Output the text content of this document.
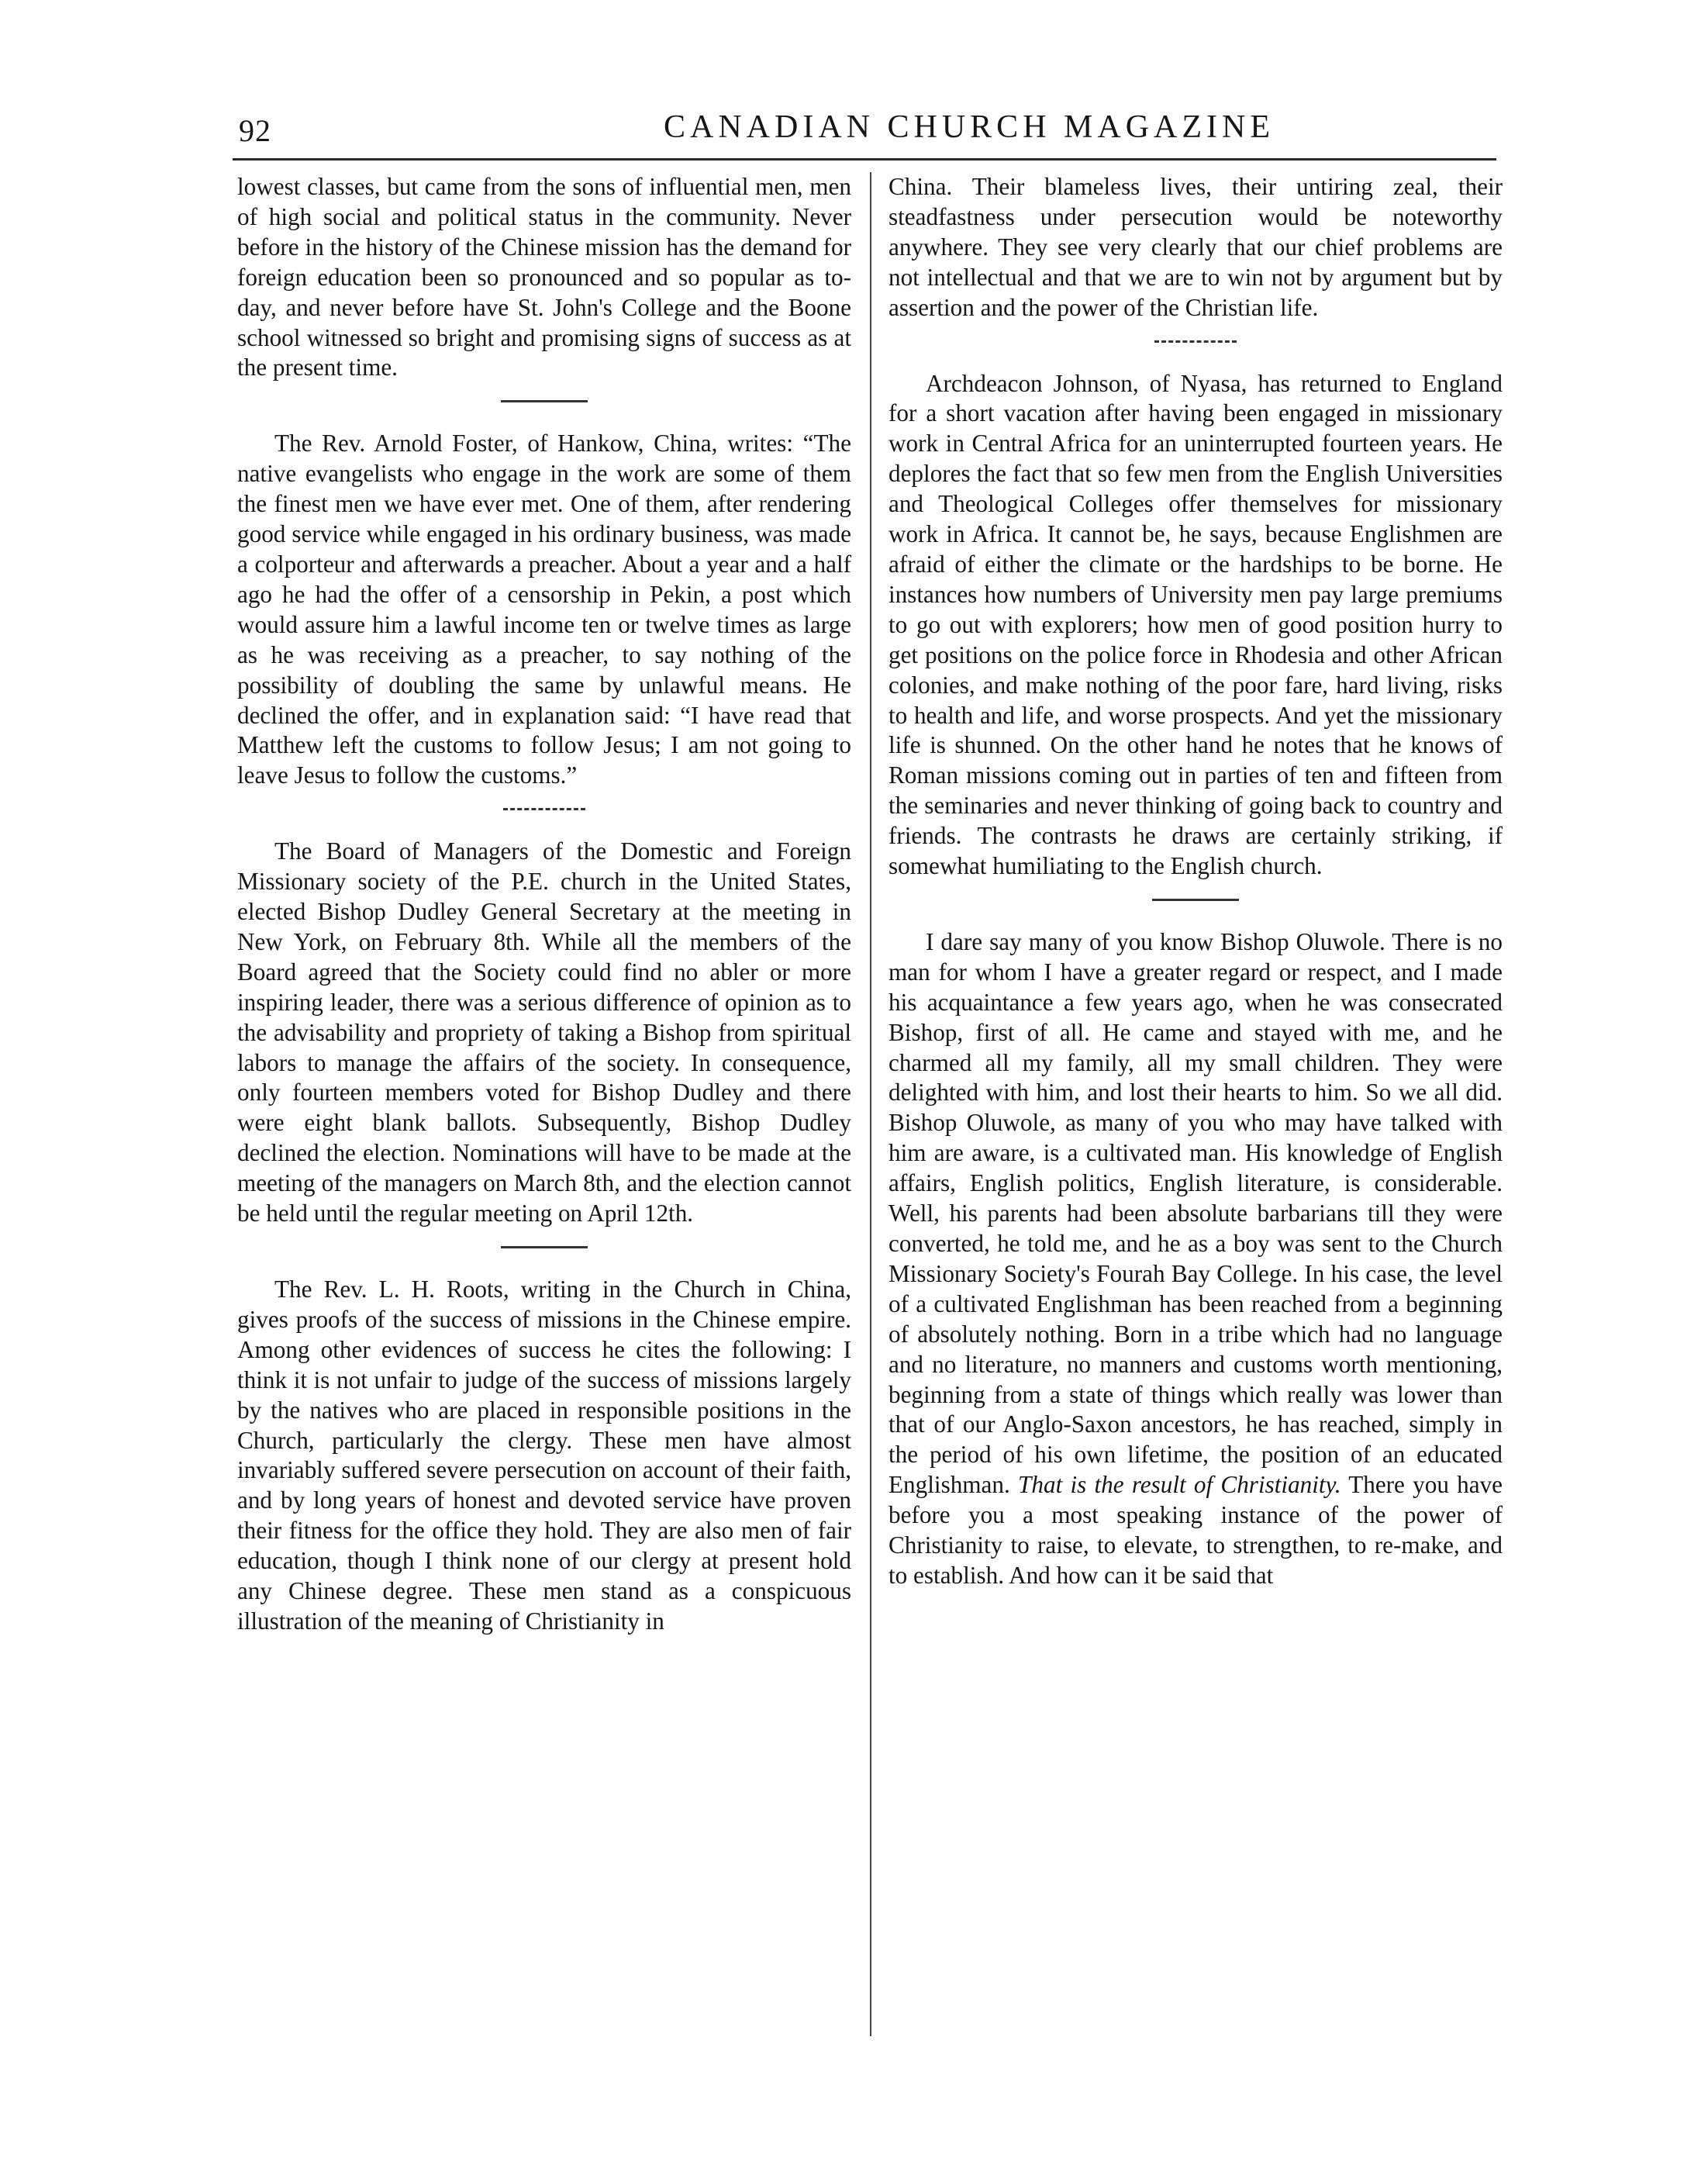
92	CANADIAN CHURCH MAGAZINE

lowest classes, but came from the sons of influential men, men of high social and political status in the community. Never before in the history of the Chinese mission has the demand for foreign education been so pronounced and so popular as to-day, and never before have St. John's College and the Boone school witnessed so bright and promising signs of success as at the present time.

The Rev. Arnold Foster, of Hankow, China, writes: “The native evangelists who engage in the work are some of them the finest men we have ever met. One of them, after rendering good service while engaged in his ordinary business, was made a colporteur and afterwards a preacher. About a year and a half ago he had the offer of a censorship in Pekin, a post which would assure him a lawful income ten or twelve times as large as he was receiving as a preacher, to say nothing of the possibility of doubling the same by unlawful means. He declined the offer, and in explanation said: “I have read that Matthew left the customs to follow Jesus; I am not going to leave Jesus to follow the customs.”

The Board of Managers of the Domestic and Foreign Missionary society of the P.E. church in the United States, elected Bishop Dudley General Secretary at the meeting in New York, on February 8th. While all the members of the Board agreed that the Society could find no abler or more inspiring leader, there was a serious difference of opinion as to the advisability and propriety of taking a Bishop from spiritual labors to manage the affairs of the society. In consequence, only fourteen members voted for Bishop Dudley and there were eight blank ballots. Subsequently, Bishop Dudley declined the election. Nominations will have to be made at the meeting of the managers on March 8th, and the election cannot be held until the regular meeting on April 12th.

The Rev. L. H. Roots, writing in the Church in China, gives proofs of the success of missions in the Chinese empire. Among other evidences of success he cites the following: I think it is not unfair to judge of the success of missions largely by the natives who are placed in responsible positions in the Church, particularly the clergy. These men have almost invariably suffered severe persecution on account of their faith, and by long years of honest and devoted service have proven their fitness for the office they hold. They are also men of fair education, though I think none of our clergy at present hold any Chinese degree. These men stand as a conspicuous illustration of the meaning of Christianity in

China. Their blameless lives, their untiring zeal, their steadfastness under persecution would be noteworthy anywhere. They see very clearly that our chief problems are not intellectual and that we are to win not by argument but by assertion and the power of the Christian life.

Archdeacon Johnson, of Nyasa, has returned to England for a short vacation after having been engaged in missionary work in Central Africa for an uninterrupted fourteen years. He deplores the fact that so few men from the English Universities and Theological Colleges offer themselves for missionary work in Africa. It cannot be, he says, because Englishmen are afraid of either the climate or the hardships to be borne. He instances how numbers of University men pay large premiums to go out with explorers; how men of good position hurry to get positions on the police force in Rhodesia and other African colonies, and make nothing of the poor fare, hard living, risks to health and life, and worse prospects. And yet the missionary life is shunned. On the other hand he notes that he knows of Roman missions coming out in parties of ten and fifteen from the seminaries and never thinking of going back to country and friends. The contrasts he draws are certainly striking, if somewhat humiliating to the English church.

I dare say many of you know Bishop Oluwole. There is no man for whom I have a greater regard or respect, and I made his acquaintance a few years ago, when he was consecrated Bishop, first of all. He came and stayed with me, and he charmed all my family, all my small children. They were delighted with him, and lost their hearts to him. So we all did. Bishop Oluwole, as many of you who may have talked with him are aware, is a cultivated man. His knowledge of English affairs, English politics, English literature, is considerable. Well, his parents had been absolute barbarians till they were converted, he told me, and he as a boy was sent to the Church Missionary Society's Fourah Bay College. In his case, the level of a cultivated Englishman has been reached from a beginning of absolutely nothing. Born in a tribe which had no language and no literature, no manners and customs worth mentioning, beginning from a state of things which really was lower than that of our Anglo-Saxon ancestors, he has reached, simply in the period of his own lifetime, the position of an educated Englishman. That is the result of Christianity. There you have before you a most speaking instance of the power of Christianity to raise, to elevate, to strengthen, to re-make, and to establish. And how can it be said that
